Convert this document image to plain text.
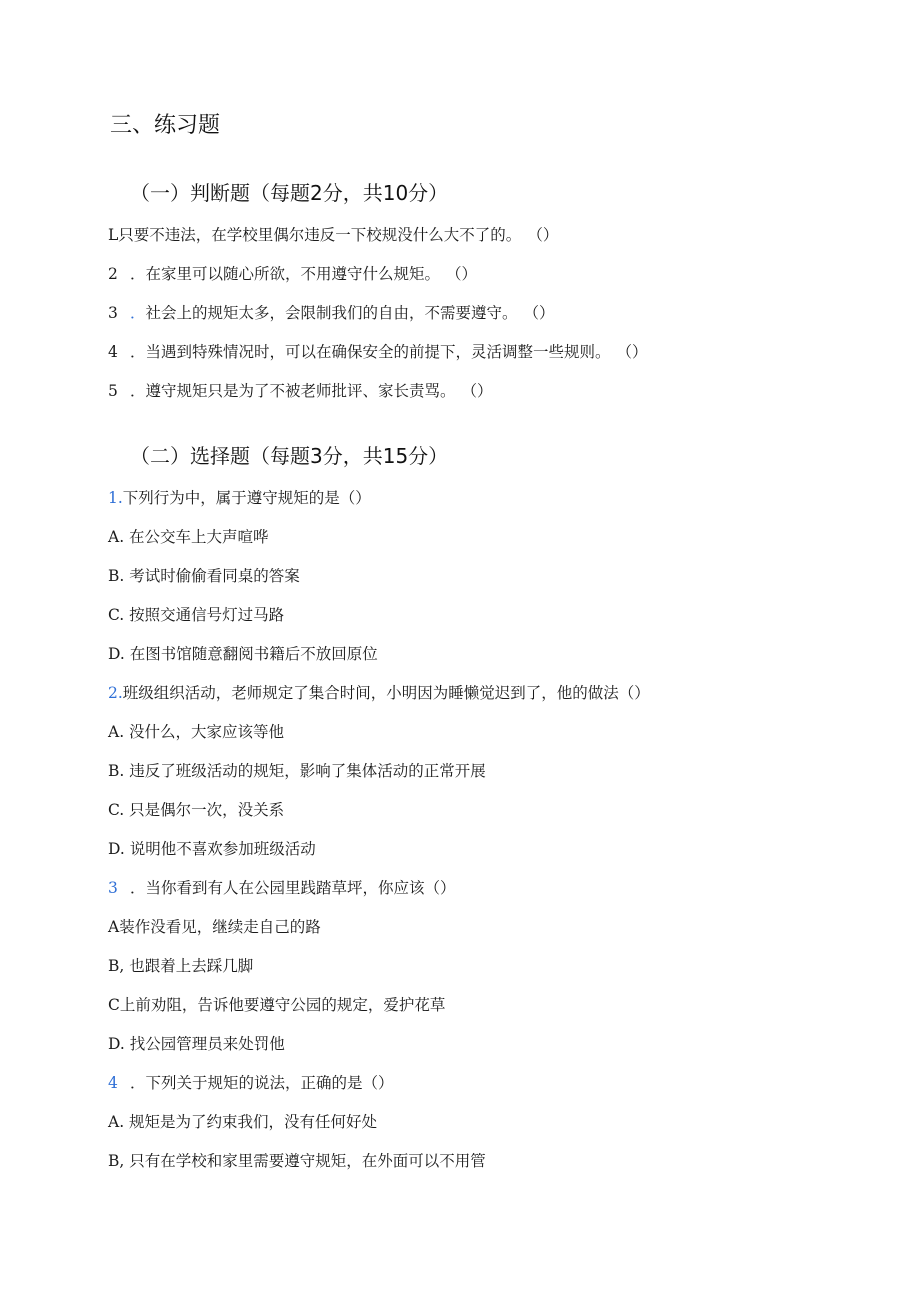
三、练习题
（一）判断题（每题2分，共10分）
L只要不违法，在学校里偶尔违反一下校规没什么大不了的。 （）
2 ．在家里可以随心所欲，不用遵守什么规矩。 （）
3 ．社会上的规矩太多，会限制我们的自由，不需要遵守。 （）
4 ．当遇到特殊情况时，可以在确保安全的前提下，灵活调整一些规则。 （）
5 ．遵守规矩只是为了不被老师批评、家长责骂。 （）
（二）选择题（每题3分，共15分）
1.下列行为中，属于遵守规矩的是（）
A. 在公交车上大声喧哗
B. 考试时偷偷看同桌的答案
C. 按照交通信号灯过马路
D. 在图书馆随意翻阅书籍后不放回原位
2.班级组织活动，老师规定了集合时间，小明因为睡懒觉迟到了，他的做法（）
A. 没什么，大家应该等他
B. 违反了班级活动的规矩，影响了集体活动的正常开展
C. 只是偶尔一次，没关系
D. 说明他不喜欢参加班级活动
3 ．当你看到有人在公园里践踏草坪，你应该（）
A装作没看见，继续走自己的路
B, 也跟着上去踩几脚
C上前劝阻，告诉他要遵守公园的规定，爱护花草
D. 找公园管理员来处罚他
4 ．下列关于规矩的说法，正确的是（）
A. 规矩是为了约束我们，没有任何好处
B, 只有在学校和家里需要遵守规矩，在外面可以不用管
